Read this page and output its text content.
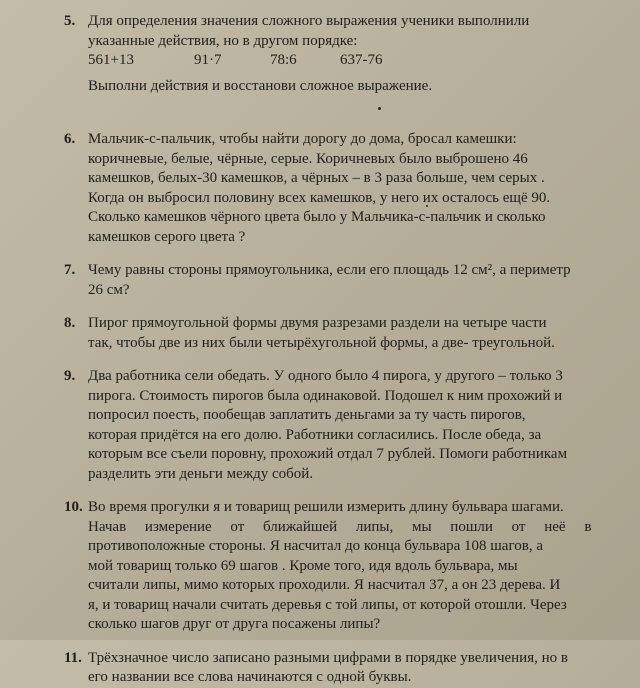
5. Для определения значения сложного выражения ученики выполнили
указанные действия, но в другом порядке:
561+13	91·7	78:6	637-76
Выполни действия и восстанови сложное выражение.
6. Мальчик-с-пальчик, чтобы найти дорогу до дома, бросал камешки:
коричневые, белые, чёрные, серые. Коричневых было выброшено 46
камешков, белых-30 камешков, а чёрных – в 3 раза больше, чем серых .
Когда он выбросил половину всех камешков, у него их осталось ещё 90.
Сколько камешков чёрного цвета было у Мальчика-с-пальчик и сколько
камешков серого цвета ?
7. Чему равны стороны прямоугольника, если его площадь 12 см², а периметр
26 см?
8. Пирог прямоугольной формы двумя разрезами раздели на четыре части
так, чтобы две из них были четырёхугольной формы, а две- треугольной.
9. Два работника сели обедать. У одного было 4 пирога, у другого – только 3
пирога. Стоимость пирогов была одинаковой. Подошел к ним прохожий и
попросил поесть, пообещав заплатить деньгами за ту часть пирогов,
которая придётся на его долю. Работники согласились. После обеда, за
которым все съели поровну, прохожий отдал 7 рублей. Помоги работникам
разделить эти деньги между собой.
10. Во время прогулки я и товарищ решили измерить длину бульвара шагами.
Начав     измерение     от     ближайшей     липы,     мы     пошли     от     неё     в
противоположные стороны. Я насчитал до конца бульвара 108 шагов, а
мой товарищ только 69 шагов . Кроме того, идя вдоль бульвара, мы
считали липы, мимо которых проходили. Я насчитал 37, а он 23 дерева. И
я, и товарищ начали считать деревья с той липы, от которой отошли. Через
сколько шагов друг от друга посажены липы?
11. Трёхзначное число записано разными цифрами в порядке увеличения, но в
его названии все слова начинаются с одной буквы.
